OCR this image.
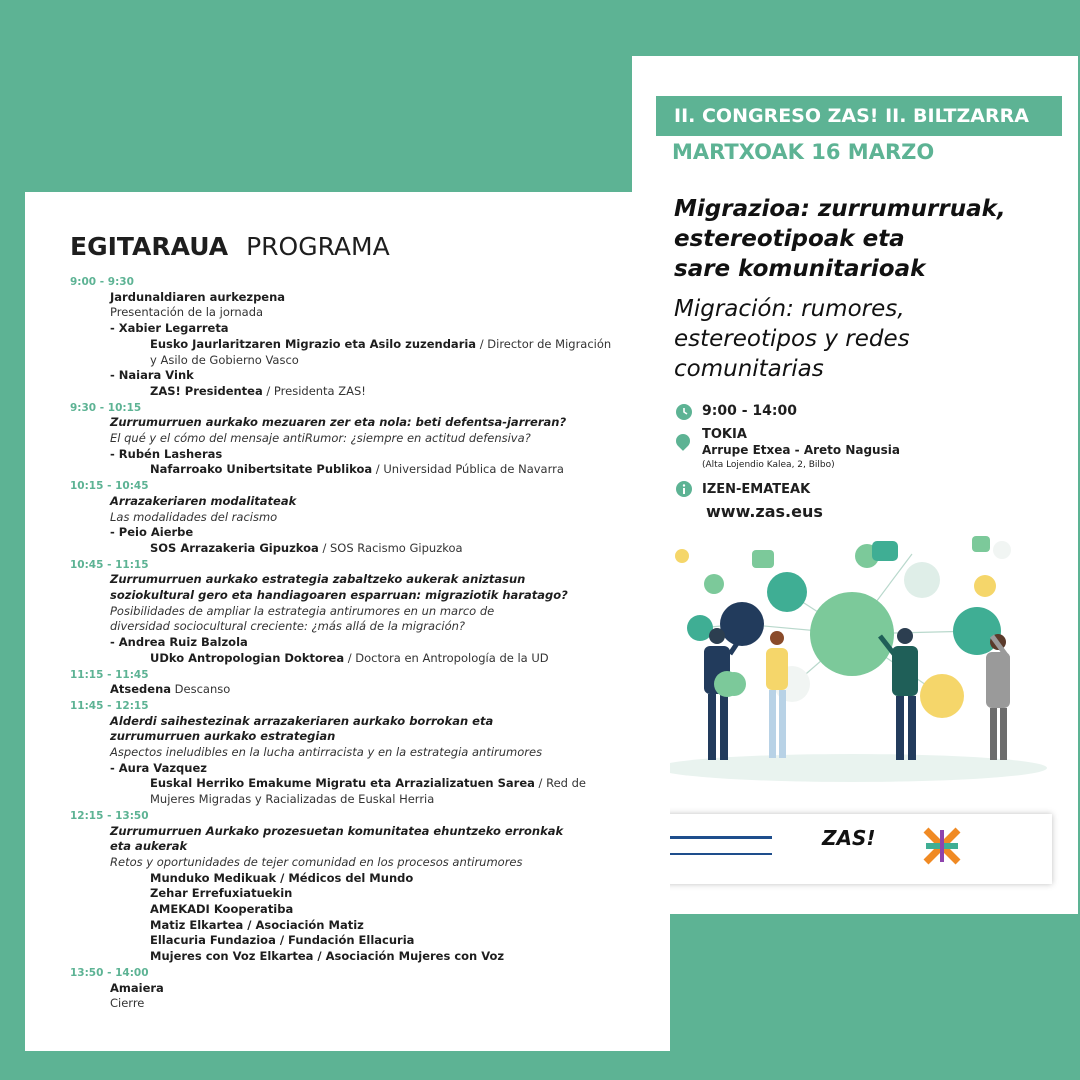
II. CONGRESO ZAS! II. BILTZARRA
MARTXOAK 16 MARZO
Migrazioa: zurrumurruak,
estereotipoak eta
sare komunitarioak
Migración: rumores,
estereotipos y redes
comunitarias
9:00 - 14:00
TOKIA
Arrupe Etxea - Areto Nagusia
(Alta Lojendio Kalea, 2, Bilbo)
IZEN-EMATEAK
www.zas.eus
ZAS!
EGITARAUA PROGRAMA
9:00 - 9:30
Jardunaldiaren aurkezpena
Presentación de la jornada
- Xabier Legarreta
Eusko Jaurlaritzaren Migrazio eta Asilo zuzendaria / Director de Migración
y Asilo de Gobierno Vasco
- Naiara Vink
ZAS! Presidentea / Presidenta ZAS!
9:30 - 10:15
Zurrumurruen aurkako mezuaren zer eta nola: beti defentsa-jarreran?
El qué y el cómo del mensaje antiRumor: ¿siempre en actitud defensiva?
- Rubén Lasheras
Nafarroako Unibertsitate Publikoa / Universidad Pública de Navarra
10:15 - 10:45
Arrazakeriaren modalitateak
Las modalidades del racismo
- Peio Aierbe
SOS Arrazakeria Gipuzkoa / SOS Racismo Gipuzkoa
10:45 - 11:15
Zurrumurruen aurkako estrategia zabaltzeko aukerak aniztasun
soziokultural gero eta handiagoaren esparruan: migraziotik haratago?
Posibilidades de ampliar la estrategia antirumores en un marco de
diversidad sociocultural creciente: ¿más allá de la migración?
- Andrea Ruiz Balzola
UDko Antropologian Doktorea / Doctora en Antropología de la UD
11:15 - 11:45
Atsedena Descanso
11:45 - 12:15
Alderdi saihestezinak arrazakeriaren aurkako borrokan eta
zurrumurruen aurkako estrategian
Aspectos ineludibles en la lucha antirracista y en la estrategia antirumores
- Aura Vazquez
Euskal Herriko Emakume Migratu eta Arrazializatuen Sarea / Red de
Mujeres Migradas y Racializadas de Euskal Herria
12:15 - 13:50
Zurrumurruen Aurkako prozesuetan komunitatea ehuntzeko erronkak
eta aukerak
Retos y oportunidades de tejer comunidad en los procesos antirumores
Munduko Medikuak / Médicos del Mundo
Zehar Errefuxiatuekin
AMEKADI Kooperatiba
Matiz Elkartea / Asociación Matiz
Ellacuria Fundazioa / Fundación Ellacuria
Mujeres con Voz Elkartea / Asociación Mujeres con Voz
13:50 - 14:00
Amaiera
Cierre
